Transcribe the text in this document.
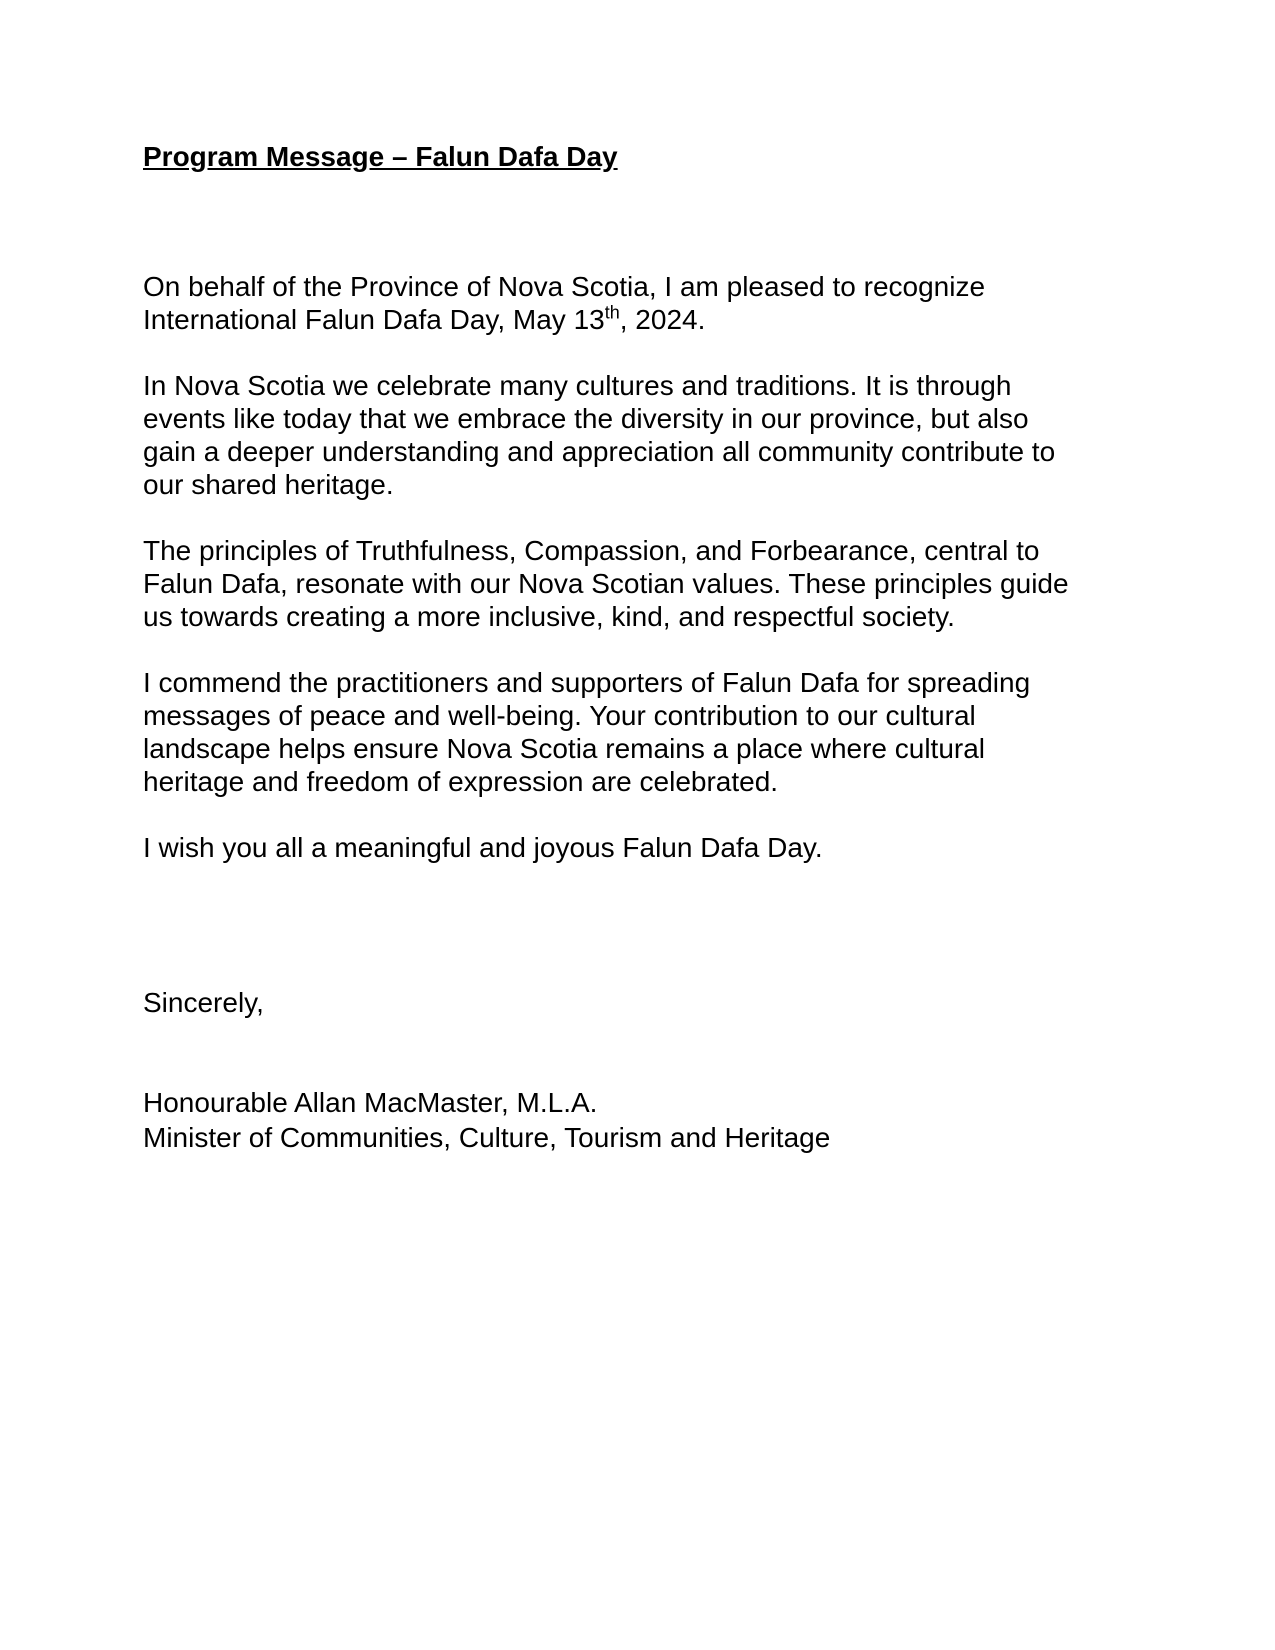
Program Message – Falun Dafa Day

On behalf of the Province of Nova Scotia, I am pleased to recognize International Falun Dafa Day, May 13th, 2024.

In Nova Scotia we celebrate many cultures and traditions. It is through events like today that we embrace the diversity in our province, but also gain a deeper understanding and appreciation all community contribute to our shared heritage.

The principles of Truthfulness, Compassion, and Forbearance, central to Falun Dafa, resonate with our Nova Scotian values. These principles guide us towards creating a more inclusive, kind, and respectful society.

I commend the practitioners and supporters of Falun Dafa for spreading messages of peace and well-being. Your contribution to our cultural landscape helps ensure Nova Scotia remains a place where cultural heritage and freedom of expression are celebrated.

I wish you all a meaningful and joyous Falun Dafa Day.

Sincerely,

Honourable Allan MacMaster, M.L.A.

Minister of Communities, Culture, Tourism and Heritage
